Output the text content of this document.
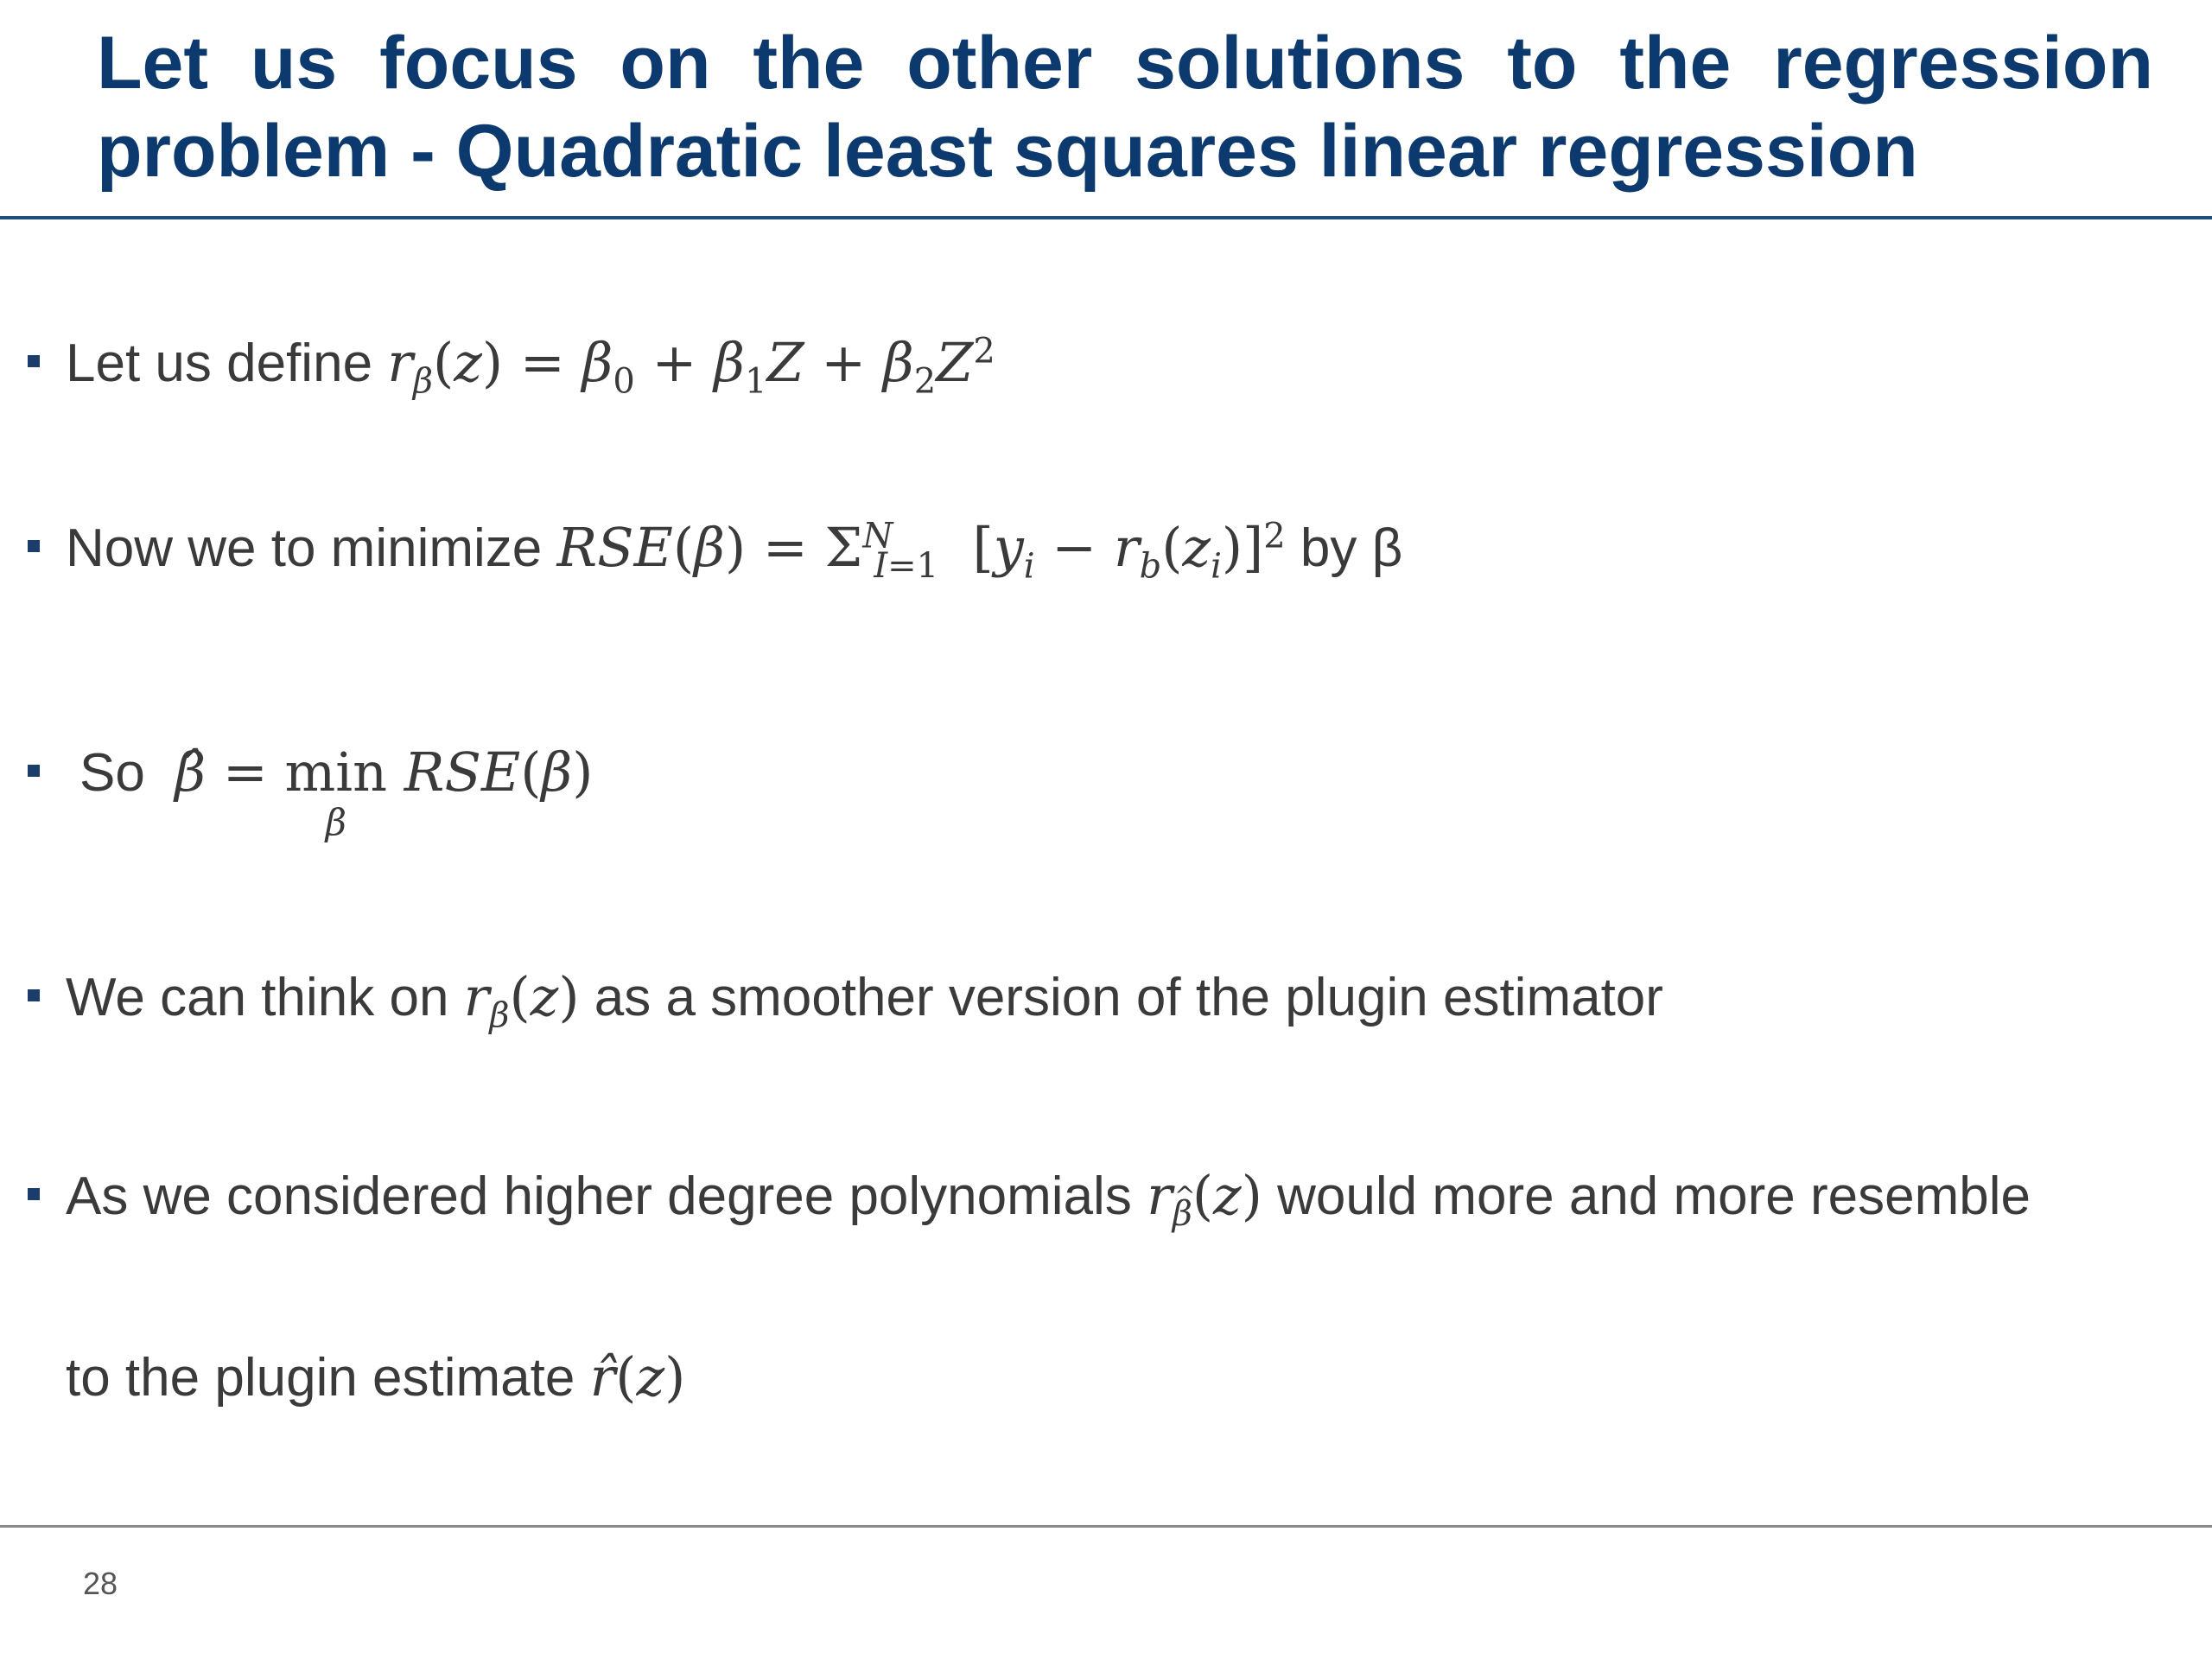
Let us focus on the other solutions to the regression
problem - Quadratic least squares linear regression
Let us define $r_\beta(z) = \beta_0 + \beta_1Z + \beta_2Z^2$
Now we to minimize $RSE(\beta) = \Sigma^N_{I=1}$  $[y_i - r_b(z_i)]^2$ by β
So  β̂ = min
β
RSE(β)
We can think on $r_\beta(z)$ as a smoother version of the plugin estimator
As we considered higher degree polynomials $r_\beta(z)$ would more and more resemble
to the plugin estimate r̂(z)
28
